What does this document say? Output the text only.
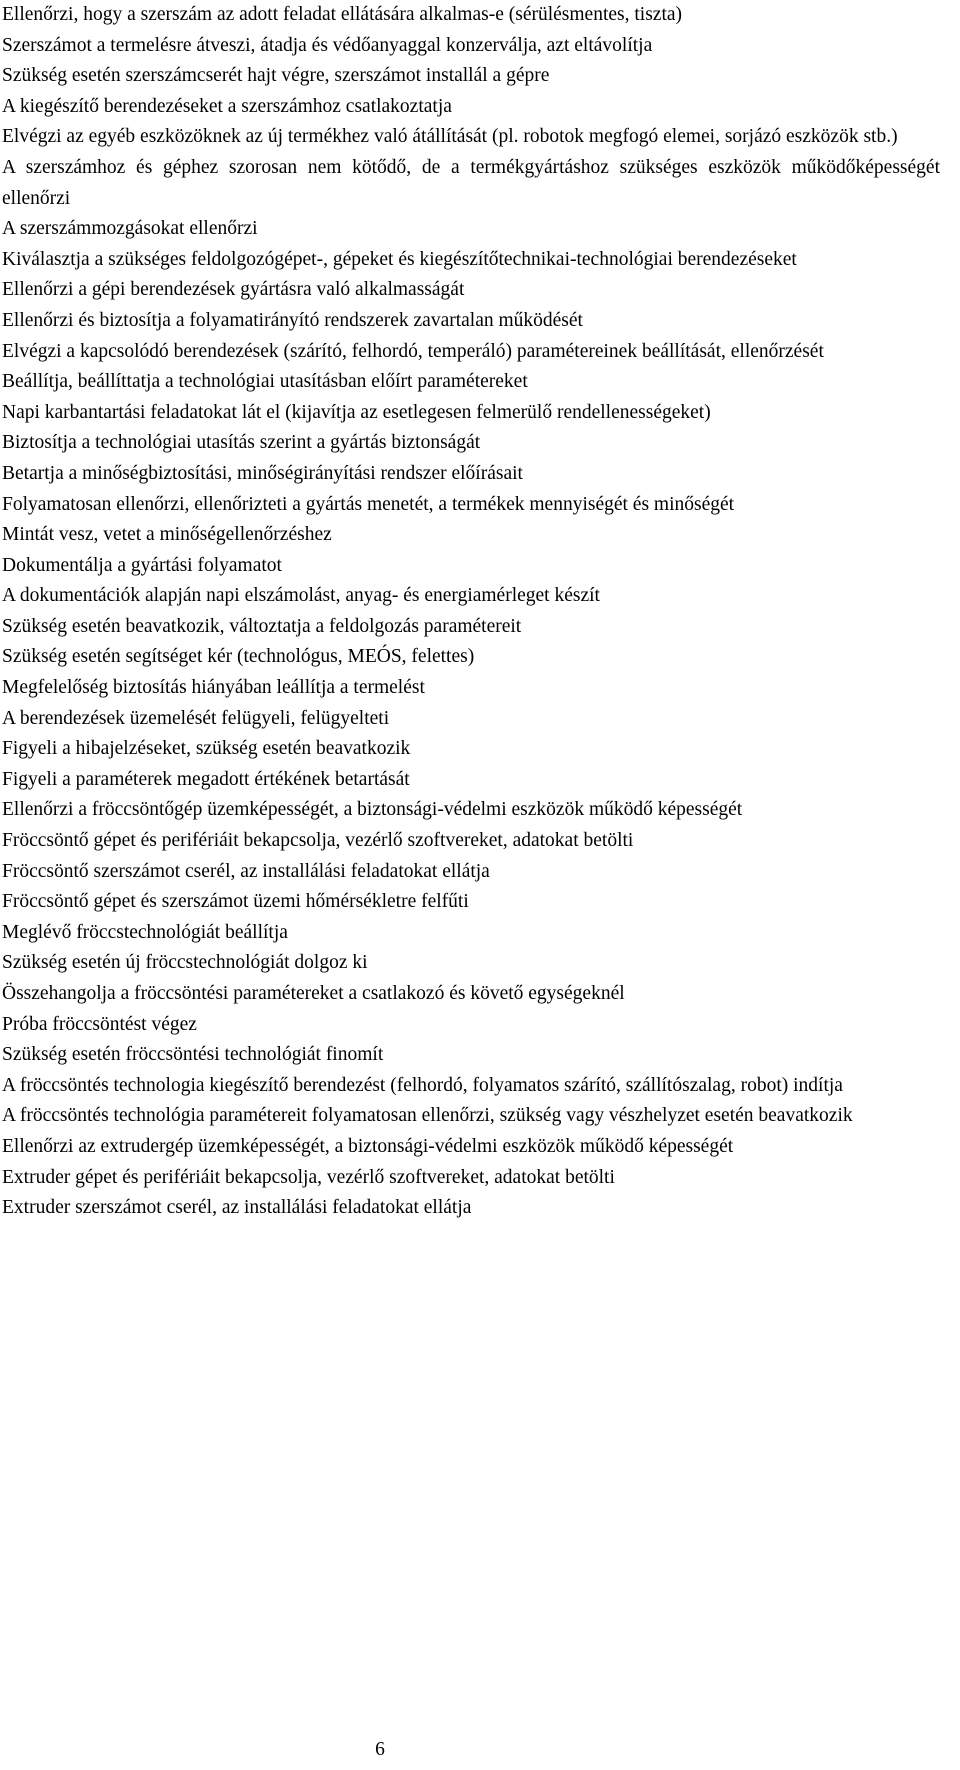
Ellenőrzi, hogy a szerszám az adott feladat ellátására alkalmas-e (sérülésmentes, tiszta)

Szerszámot a termelésre átveszi, átadja és védőanyaggal konzerválja, azt eltávolítja

Szükség esetén szerszámcserét hajt végre, szerszámot installál a gépre

A kiegészítő berendezéseket a szerszámhoz csatlakoztatja

Elvégzi az egyéb eszközöknek az új termékhez való átállítását (pl. robotok megfogó elemei, sorjázó eszközök stb.)

A szerszámhoz és géphez szorosan nem kötődő, de a termékgyártáshoz szükséges eszközök működőképességét ellenőrzi

A szerszámmozgásokat ellenőrzi

Kiválasztja a szükséges feldolgozógépet-, gépeket és kiegészítőtechnikai-technológiai berendezéseket

Ellenőrzi a gépi berendezések gyártásra való alkalmasságát

Ellenőrzi és biztosítja a folyamatirányító rendszerek zavartalan működését

Elvégzi a kapcsolódó berendezések (szárító, felhordó, temperáló) paramétereinek beállítását, ellenőrzését

Beállítja, beállíttatja a technológiai utasításban előírt paramétereket

Napi karbantartási feladatokat lát el (kijavítja az esetlegesen felmerülő rendellenességeket)

Biztosítja a technológiai utasítás szerint a gyártás biztonságát

Betartja a minőségbiztosítási, minőségirányítási rendszer előírásait

Folyamatosan ellenőrzi, ellenőrizteti a gyártás menetét, a termékek mennyiségét és minőségét

Mintát vesz, vetet a minőségellenőrzéshez

Dokumentálja a gyártási folyamatot

A dokumentációk alapján napi elszámolást, anyag- és energiamérleget készít

Szükség esetén beavatkozik, változtatja a feldolgozás paramétereit

Szükség esetén segítséget kér (technológus, MEÓS, felettes)

Megfelelőség biztosítás hiányában leállítja a termelést

A berendezések üzemelését felügyeli, felügyelteti

Figyeli a hibajelzéseket, szükség esetén beavatkozik

Figyeli a paraméterek megadott értékének betartását

Ellenőrzi a fröccsöntőgép üzemképességét, a biztonsági-védelmi eszközök működő képességét

Fröccsöntő gépet és perifériáit bekapcsolja, vezérlő szoftvereket, adatokat betölti

Fröccsöntő szerszámot cserél, az installálási feladatokat ellátja

Fröccsöntő gépet és szerszámot üzemi hőmérsékletre felfűti

Meglévő fröccstechnológiát beállítja

Szükség esetén új fröccstechnológiát dolgoz ki

Összehangolja a fröccsöntési paramétereket a csatlakozó és követő egységeknél

Próba fröccsöntést végez

Szükség esetén fröccsöntési technológiát finomít

A fröccsöntés technologia kiegészítő berendezést (felhordó, folyamatos szárító, szállítószalag, robot) indítja

A fröccsöntés technológia paramétereit folyamatosan ellenőrzi, szükség vagy vészhelyzet esetén beavatkozik

Ellenőrzi az extrudergép üzemképességét, a biztonsági-védelmi eszközök működő képességét

Extruder gépet és perifériáit bekapcsolja, vezérlő szoftvereket, adatokat betölti

Extruder szerszámot cserél, az installálási feladatokat ellátja

6
